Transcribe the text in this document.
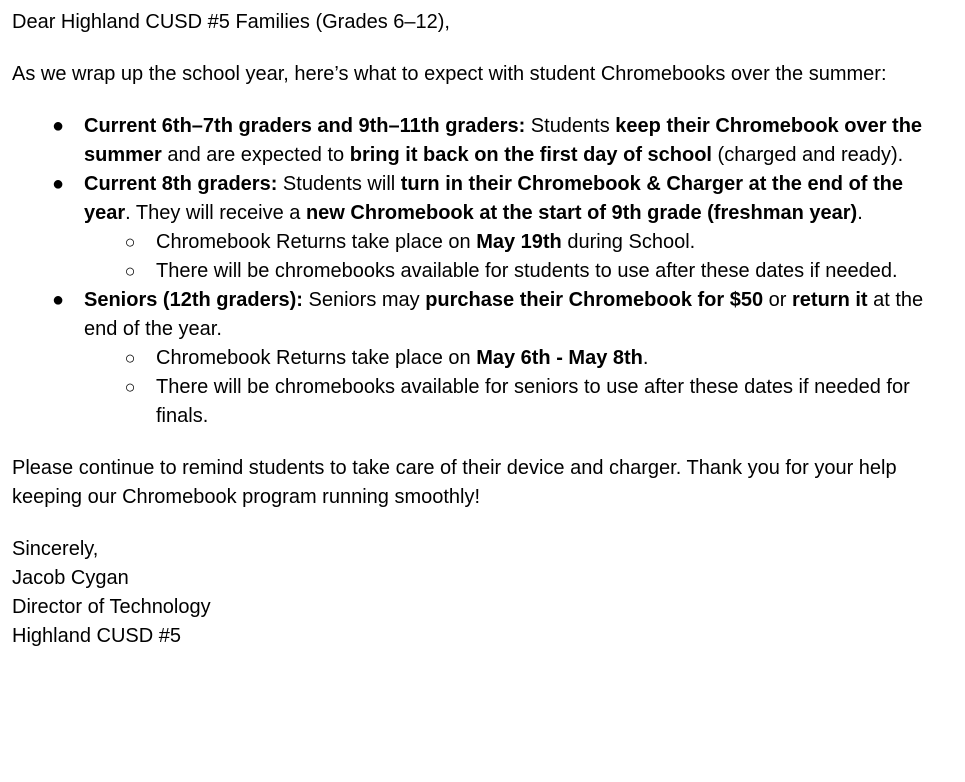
Dear Highland CUSD #5 Families (Grades 6–12),

As we wrap up the school year, here’s what to expect with student Chromebooks over the summer:

● Current 6th–7th graders and 9th–11th graders: Students keep their Chromebook over the summer and are expected to bring it back on the first day of school (charged and ready).
● Current 8th graders: Students will turn in their Chromebook & Charger at the end of the year. They will receive a new Chromebook at the start of 9th grade (freshman year).
○ Chromebook Returns take place on May 19th during School.
○ There will be chromebooks available for students to use after these dates if needed.
● Seniors (12th graders): Seniors may purchase their Chromebook for $50 or return it at the end of the year.
○ Chromebook Returns take place on May 6th - May 8th.
○ There will be chromebooks available for seniors to use after these dates if needed for finals.

Please continue to remind students to take care of their device and charger. Thank you for your help keeping our Chromebook program running smoothly!

Sincerely,
Jacob Cygan
Director of Technology
Highland CUSD #5
